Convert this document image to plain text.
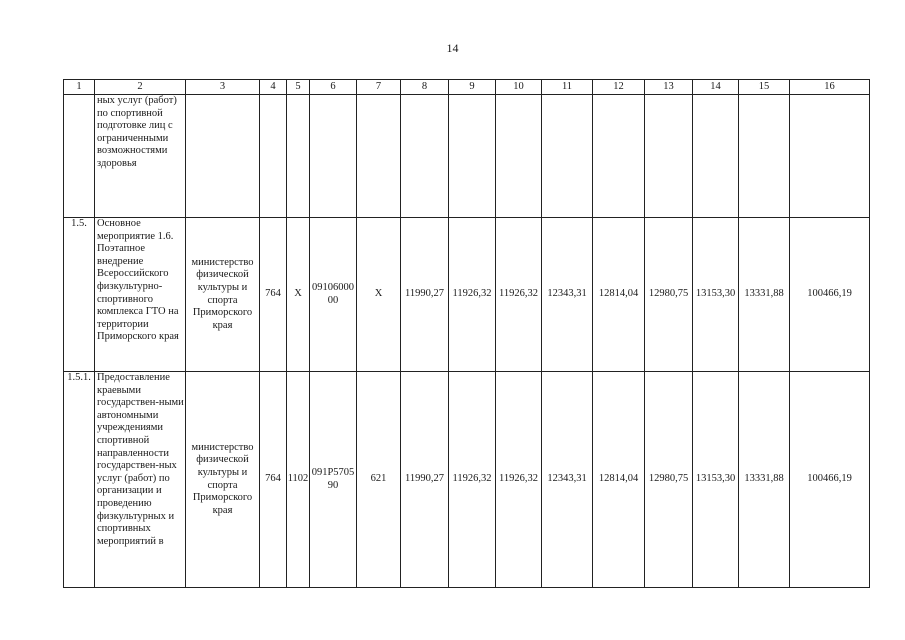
14
1	2	3	4	5	6	7	8	9	10	11	12	13	14	15	16
	ных услуг (работ) по спортивной подготовке лиц с ограниченными возможностями здоровья														
1.5.	Основное мероприятие 1.6. Поэтапное внедрение Всероссийского физкультурно-спортивного комплекса ГТО на территории Приморского края	министерство физической культуры и спорта Приморского края	764	Х	0910600000	Х	11990,27	11926,32	11926,32	12343,31	12814,04	12980,75	13153,30	13331,88	100466,19
1.5.1.	Предоставление краевыми государствен-ными автономными учреждениями спортивной направленности государствен-ных услуг (работ) по организации и проведению физкультурных и спортивных мероприятий в	министерство физической культуры и спорта Приморского края	764	1102	091Р570590	621	11990,27	11926,32	11926,32	12343,31	12814,04	12980,75	13153,30	13331,88	100466,19
